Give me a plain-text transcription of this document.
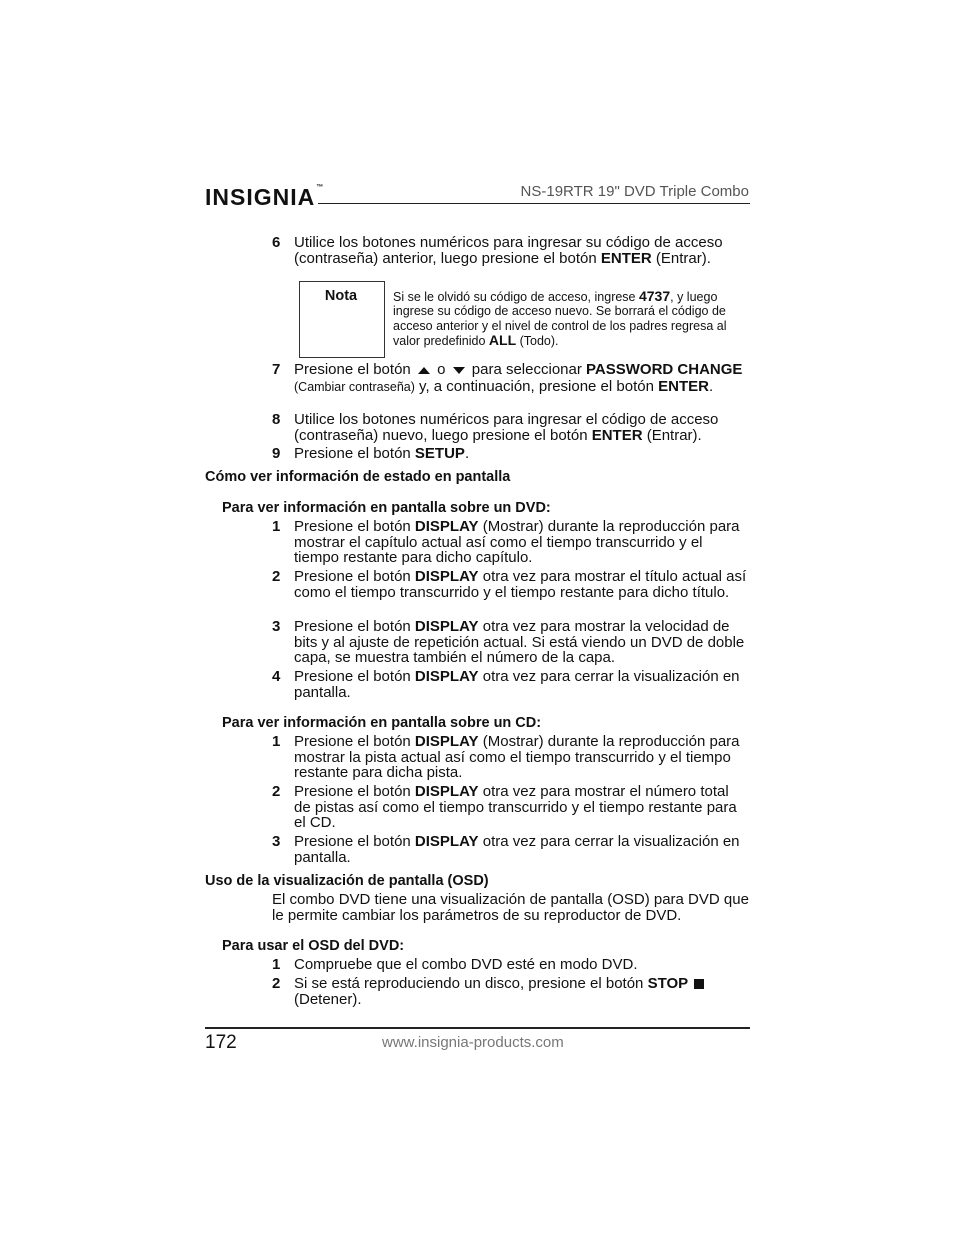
INSIGNIA™	NS-19RTR 19" DVD Triple Combo
6 Utilice los botones numéricos para ingresar su código de acceso (contraseña) anterior, luego presione el botón ENTER (Entrar).
Nota	Si se le olvidó su código de acceso, ingrese 4737, y luego ingrese su código de acceso nuevo. Se borrará el código de acceso anterior y el nivel de control de los padres regresa al valor predefinido ALL (Todo).
7 Presione el botón  o  para seleccionar PASSWORD CHANGE (Cambiar contraseña) y, a continuación, presione el botón ENTER.
8 Utilice los botones numéricos para ingresar el código de acceso (contraseña) nuevo, luego presione el botón ENTER (Entrar).
9 Presione el botón SETUP.
Cómo ver información de estado en pantalla
Para ver información en pantalla sobre un DVD:
1 Presione el botón DISPLAY (Mostrar) durante la reproducción para mostrar el capítulo actual así como el tiempo transcurrido y el tiempo restante para dicho capítulo.
2 Presione el botón DISPLAY otra vez para mostrar el título actual así como el tiempo transcurrido y el tiempo restante para dicho título.
3 Presione el botón DISPLAY otra vez para mostrar la velocidad de bits y al ajuste de repetición actual. Si está viendo un DVD de doble capa, se muestra también el número de la capa.
4 Presione el botón DISPLAY otra vez para cerrar la visualización en pantalla.
Para ver información en pantalla sobre un CD:
1 Presione el botón DISPLAY (Mostrar) durante la reproducción para mostrar la pista actual así como el tiempo transcurrido y el tiempo restante para dicha pista.
2 Presione el botón DISPLAY otra vez para mostrar el número total de pistas así como el tiempo transcurrido y el tiempo restante para el CD.
3 Presione el botón DISPLAY otra vez para cerrar la visualización en pantalla.
Uso de la visualización de pantalla (OSD)
El combo DVD tiene una visualización de pantalla (OSD) para DVD que le permite cambiar los parámetros de su reproductor de DVD.
Para usar el OSD del DVD:
1 Compruebe que el combo DVD esté en modo DVD.
2 Si se está reproduciendo un disco, presione el botón STOP
(Detener).
172	www.insignia-products.com
